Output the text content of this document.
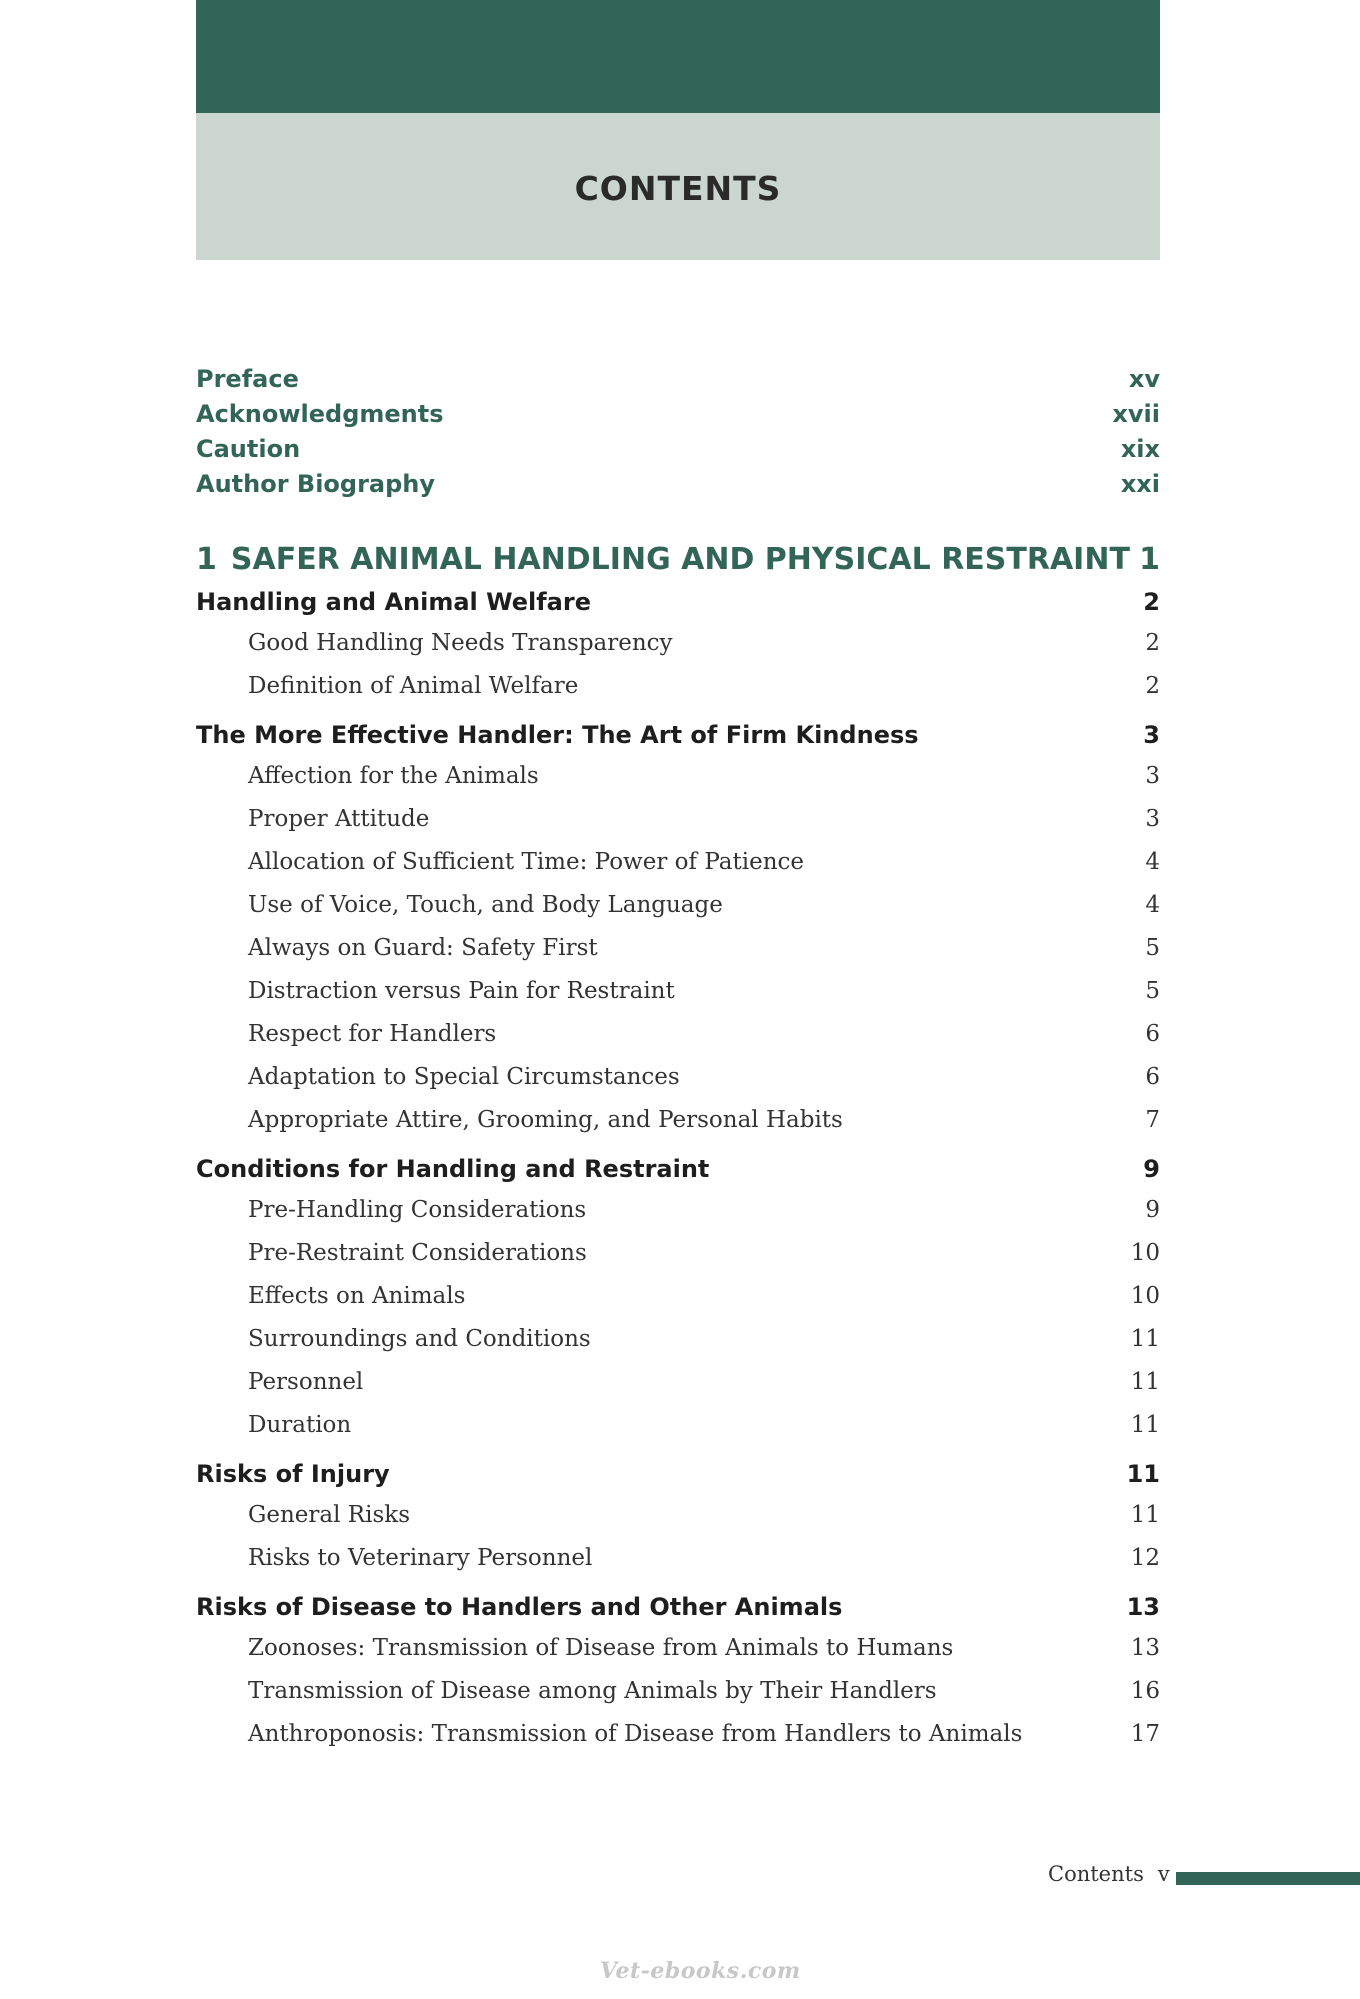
CONTENTS
Preface	xv
Acknowledgments	xvii
Caution	xix
Author Biography	xxi
1 SAFER ANIMAL HANDLING AND PHYSICAL RESTRAINT 1
Handling and Animal Welfare	2
Good Handling Needs Transparency	2
Definition of Animal Welfare	2
The More Effective Handler: The Art of Firm Kindness	3
Affection for the Animals	3
Proper Attitude	3
Allocation of Sufficient Time: Power of Patience	4
Use of Voice, Touch, and Body Language	4
Always on Guard: Safety First	5
Distraction versus Pain for Restraint	5
Respect for Handlers	6
Adaptation to Special Circumstances	6
Appropriate Attire, Grooming, and Personal Habits	7
Conditions for Handling and Restraint	9
Pre-Handling Considerations	9
Pre-Restraint Considerations	10
Effects on Animals	10
Surroundings and Conditions	11
Personnel	11
Duration	11
Risks of Injury	11
General Risks	11
Risks to Veterinary Personnel	12
Risks of Disease to Handlers and Other Animals	13
Zoonoses: Transmission of Disease from Animals to Humans	13
Transmission of Disease among Animals by Their Handlers	16
Anthroponosis: Transmission of Disease from Handlers to Animals	17
Contents v
Vet-ebooks.com
